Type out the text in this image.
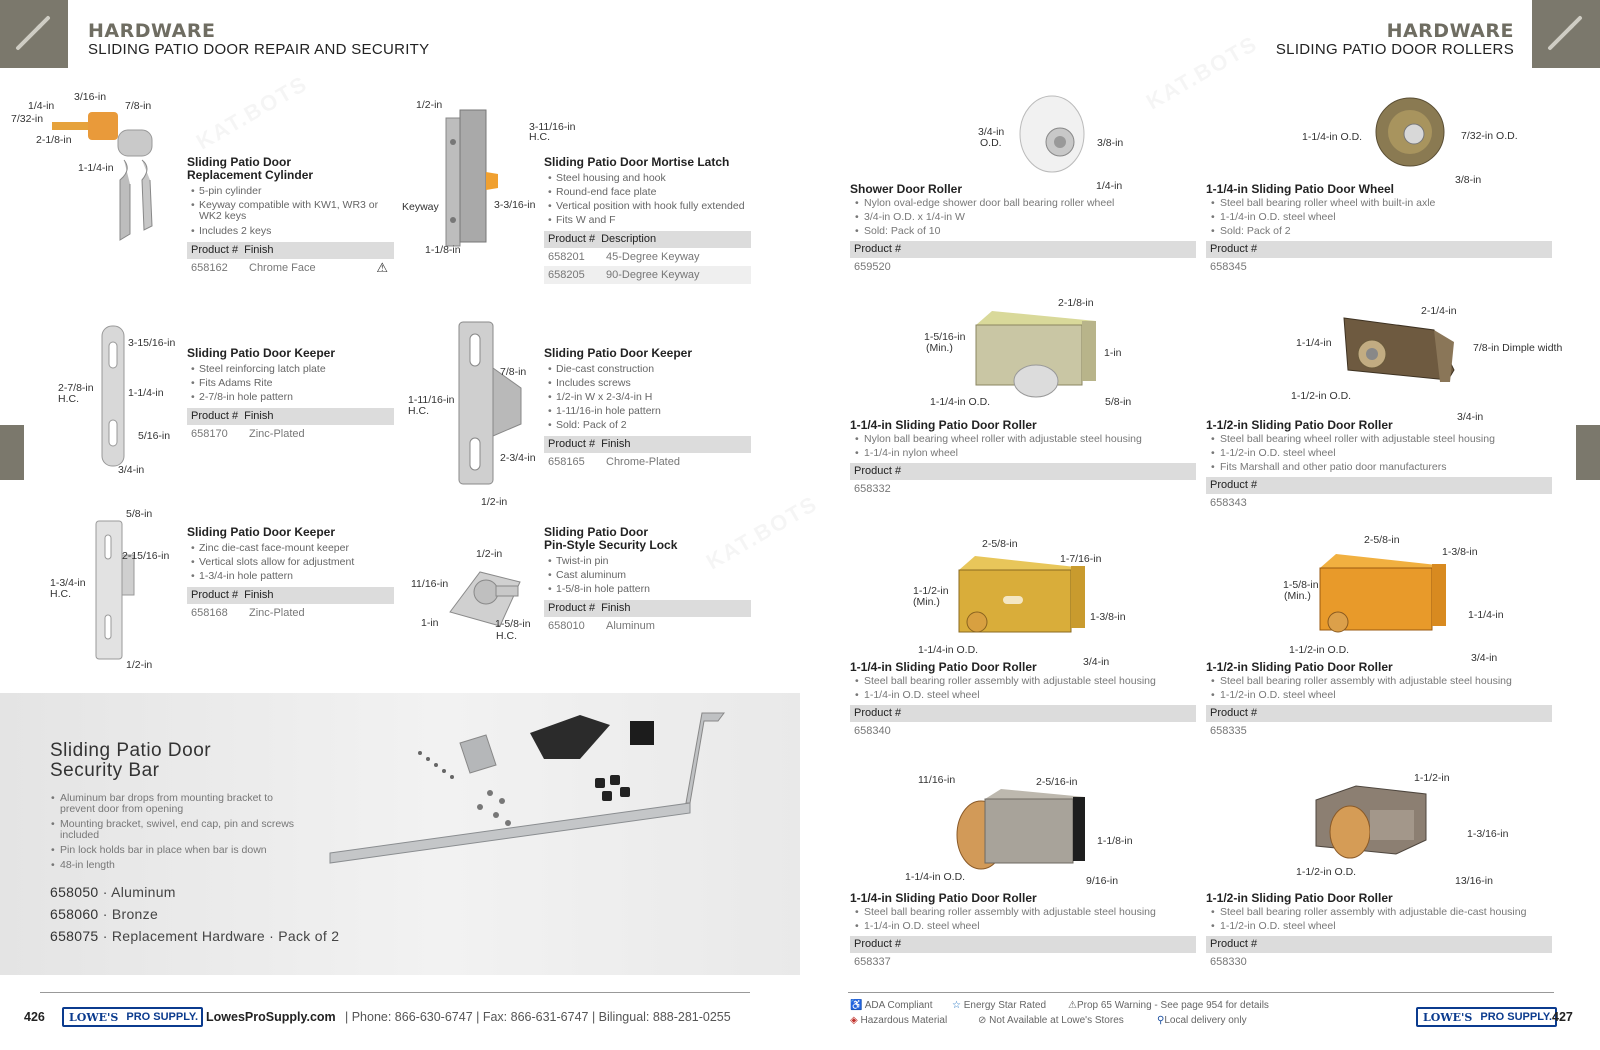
HARDWARE
SLIDING PATIO DOOR REPAIR AND SECURITY
HARDWARE
SLIDING PATIO DOOR ROLLERS
1/4-in
3/16-in
7/8-in
7/32-in
2-1/8-in
1-1/4-in	Sliding Patio Door
Replacement Cylinder
• 5-pin cylinder
• Keyway compatible with KW1, WR3 or WK2 keys
• Includes 2 keys
Product # Finish
658162 Chrome Face	⚠
1/2-in
3-11/16-in
H.C.
Keyway	3-3/16-in
1-1/8-in
Sliding Patio Door Mortise Latch
• Steel housing and hook
• Round-end face plate
• Vertical position with hook fully extended
• Fits W and F
Product # Description
658201 45-Degree Keyway
658205 90-Degree Keyway
3-15/16-in
2-7/8-in
H.C.	1-1/4-in
5/16-in
3/4-in
Sliding Patio Door Keeper
• Steel reinforcing latch plate
• Fits Adams Rite
• 2-7/8-in hole pattern
Product # Finish
658170 Zinc-Plated
7/8-in
1-11/16-in
H.C.
2-3/4-in
1/2-in
Sliding Patio Door Keeper
• Die-cast construction
• Includes screws
• 1/2-in W x 2-3/4-in H
• 1-11/16-in hole pattern
• Sold: Pack of 2
Product # Finish
658165 Chrome-Plated
5/8-in
2-15/16-in
1-3/4-in
H.C.
1/2-in
Sliding Patio Door Keeper
• Zinc die-cast face-mount keeper
• Vertical slots allow for adjustment
• 1-3/4-in hole pattern
Product # Finish
658168 Zinc-Plated
1/2-in
11/16-in
1-in	1-5/8-in
H.C.
Sliding Patio Door
Pin-Style Security Lock
• Twist-in pin
• Cast aluminum
• 1-5/8-in hole pattern
Product # Finish
658010 Aluminum
Sliding Patio Door
Security Bar
• Aluminum bar drops from mounting bracket to prevent door from opening
• Mounting bracket, swivel, end cap, pin and screws included
• Pin lock holds bar in place when bar is down
• 48-in length
658050 · Aluminum
658060 · Bronze
658075 · Replacement Hardware · Pack of 2
426	LOWE'S PRO SUPPLY. LowesProSupply.com | Phone: 866-630-6747 | Fax: 866-631-6747 | Bilingual: 888-281-0255
3/4-in
O.D.	3/8-in
1/4-in
Shower Door Roller
• Nylon oval-edge shower door ball bearing roller wheel
• 3/4-in O.D. x 1/4-in W
• Sold: Pack of 10
Product #
659520
1-1/4-in O.D.	7/32-in O.D.
3/8-in
1-1/4-in Sliding Patio Door Wheel
• Steel ball bearing roller wheel with built-in axle
• 1-1/4-in O.D. steel wheel
• Sold: Pack of 2
Product #
658345
2-1/8-in
1-5/16-in
(Min.)	1-in
1-1/4-in O.D.	5/8-in
1-1/4-in Sliding Patio Door Roller
• Nylon ball bearing wheel roller with adjustable steel housing
• 1-1/4-in nylon wheel
Product #
658332
2-1/4-in
1-1/4-in	7/8-in Dimple width
1-1/2-in O.D.
3/4-in
1-1/2-in Sliding Patio Door Roller
• Steel ball bearing wheel roller with adjustable steel housing
• 1-1/2-in O.D. steel wheel
• Fits Marshall and other patio door manufacturers
Product #
658343
2-5/8-in
1-7/16-in
1-1/2-in
(Min.)
1-3/8-in
1-1/4-in O.D.
3/4-in
1-1/4-in Sliding Patio Door Roller
• Steel ball bearing roller assembly with adjustable steel housing
• 1-1/4-in O.D. steel wheel
Product #
658340
2-5/8-in
1-3/8-in
1-5/8-in
(Min.)
1-1/4-in
1-1/2-in O.D.
3/4-in
1-1/2-in Sliding Patio Door Roller
• Steel ball bearing roller assembly with adjustable steel housing
• 1-1/2-in O.D. steel wheel
Product #
658335
11/16-in	2-5/16-in
1-1/8-in
1-1/4-in O.D.	9/16-in
1-1/4-in Sliding Patio Door Roller
• Steel ball bearing roller assembly with adjustable steel housing
• 1-1/4-in O.D. steel wheel
Product #
658337
1-1/2-in
1-3/16-in
1-1/2-in O.D.
13/16-in
1-1/2-in Sliding Patio Door Roller
• Steel ball bearing roller assembly with adjustable die-cast housing
• 1-1/2-in O.D. steel wheel
Product #
658330
♿ ADA Compliant ☆ Energy Star Rated ⚠Prop 65 Warning - See page 954 for details
◈ Hazardous Material	⊘ Not Available at Lowe's Stores	⚲Local delivery only	LOWE'S PRO SUPPLY. 427
